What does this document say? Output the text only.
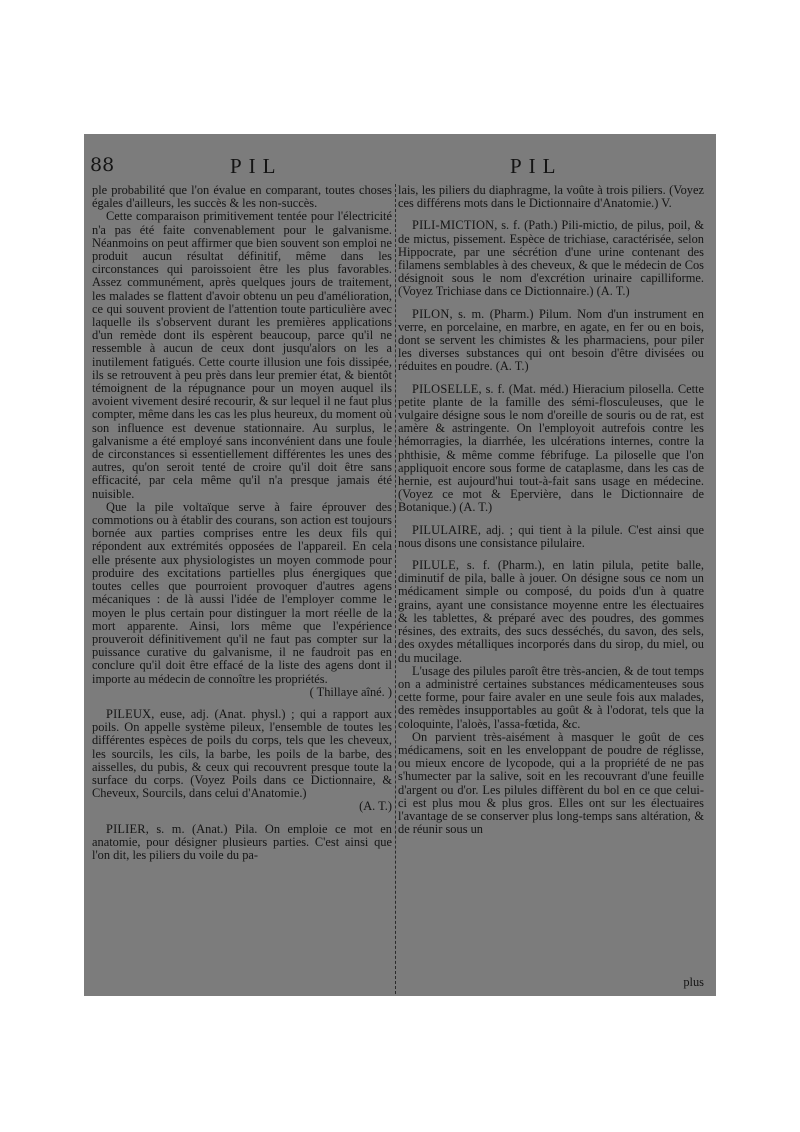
88	PIL	PIL

ple probabilité que l'on évalue en comparant, toutes choses égales d'ailleurs, les succès & les non-succès.

Cette comparaison primitivement tentée pour l'électricité n'a pas été faite convenablement pour le galvanisme. Néanmoins on peut affirmer que bien souvent son emploi ne produit aucun résultat définitif, même dans les circonstances qui paroissoient être les plus favorables. Assez communément, après quelques jours de traitement, les malades se flattent d'avoir obtenu un peu d'amélioration, ce qui souvent provient de l'attention toute particulière avec laquelle ils s'observent durant les premières applications d'un remède dont ils espèrent beaucoup, parce qu'il ne ressemble à aucun de ceux dont jusqu'alors on les a inutilement fatigués. Cette courte illusion une fois dissipée, ils se retrouvent à peu près dans leur premier état, & bientôt témoignent de la répugnance pour un moyen auquel ils avoient vivement desiré recourir, & sur lequel il ne faut plus compter, même dans les cas les plus heureux, du moment où son influence est devenue stationnaire. Au surplus, le galvanisme a été employé sans inconvénient dans une foule de circonstances si essentiellement différentes les unes des autres, qu'on seroit tenté de croire qu'il doit être sans efficacité, par cela même qu'il n'a presque jamais été nuisible.

Que la pile voltaïque serve à faire éprouver des commotions ou à établir des courans, son action est toujours bornée aux parties comprises entre les deux fils qui répondent aux extrémités opposées de l'appareil. En cela elle présente aux physiologistes un moyen commode pour produire des excitations partielles plus énergiques que toutes celles que pourroient provoquer d'autres agens mécaniques : de là aussi l'idée de l'employer comme le moyen le plus certain pour distinguer la mort réelle de la mort apparente. Ainsi, lors même que l'expérience prouveroit définitivement qu'il ne faut pas compter sur la puissance curative du galvanisme, il ne faudroit pas en conclure qu'il doit être effacé de la liste des agens dont il importe au médecin de connoître les propriétés.

( Thillaye aîné. )

PILEUX, euse, adj. (Anat. physl.) ; qui a rapport aux poils. On appelle système pileux, l'ensemble de toutes les différentes espèces de poils du corps, tels que les cheveux, les sourcils, les cils, la barbe, les poils de la barbe, des aisselles, du pubis, & ceux qui recouvrent presque toute la surface du corps. (Voyez Poils dans ce Dictionnaire, & Cheveux, Sourcils, dans celui d'Anatomie.)

(A. T.)

PILIER, s. m. (Anat.) Pila. On emploie ce mot en anatomie, pour désigner plusieurs parties. C'est ainsi que l'on dit, les piliers du voile du pa-

lais, les piliers du diaphragme, la voûte à trois piliers. (Voyez ces différens mots dans le Dictionnaire d'Anatomie.) V.

PILI-MICTION, s. f. (Path.) Pili-mictio, de pilus, poil, & de mictus, pissement. Espèce de trichiase, caractérisée, selon Hippocrate, par une sécrétion d'une urine contenant des filamens semblables à des cheveux, & que le médecin de Cos désignoit sous le nom d'excrétion urinaire capilliforme. (Voyez Trichiase dans ce Dictionnaire.) (A. T.)

PILON, s. m. (Pharm.) Pilum. Nom d'un instrument en verre, en porcelaine, en marbre, en agate, en fer ou en bois, dont se servent les chimistes & les pharmaciens, pour piler les diverses substances qui ont besoin d'être divisées ou réduites en poudre. (A. T.)

PILOSELLE, s. f. (Mat. méd.) Hieracium pilosella. Cette petite plante de la famille des sémi-flosculeuses, que le vulgaire désigne sous le nom d'oreille de souris ou de rat, est amère & astringente. On l'employoit autrefois contre les hémorragies, la diarrhée, les ulcérations internes, contre la phthisie, & même comme fébrifuge. La piloselle que l'on appliquoit encore sous forme de cataplasme, dans les cas de hernie, est aujourd'hui tout-à-fait sans usage en médecine. (Voyez ce mot & Epervière, dans le Dictionnaire de Botanique.) (A. T.)

PILULAIRE, adj. ; qui tient à la pilule. C'est ainsi que nous disons une consistance pilulaire.

PILULE, s. f. (Pharm.), en latin pilula, petite balle, diminutif de pila, balle à jouer. On désigne sous ce nom un médicament simple ou composé, du poids d'un à quatre grains, ayant une consistance moyenne entre les électuaires & les tablettes, & préparé avec des poudres, des gommes résines, des extraits, des sucs desséchés, du savon, des sels, des oxydes métalliques incorporés dans du sirop, du miel, ou du mucilage.

L'usage des pilules paroît être très-ancien, & de tout temps on a administré certaines substances médicamenteuses sous cette forme, pour faire avaler en une seule fois aux malades, des remèdes insupportables au goût & à l'odorat, tels que la coloquinte, l'aloès, l'assa-fœtida, &c.

On parvient très-aisément à masquer le goût de ces médicamens, soit en les enveloppant de poudre de réglisse, ou mieux encore de lycopode, qui a la propriété de ne pas s'humecter par la salive, soit en les recouvrant d'une feuille d'argent ou d'or. Les pilules diffèrent du bol en ce que celui-ci est plus mou & plus gros. Elles ont sur les électuaires l'avantage de se conserver plus long-temps sans altération, & de réunir sous un

plus
